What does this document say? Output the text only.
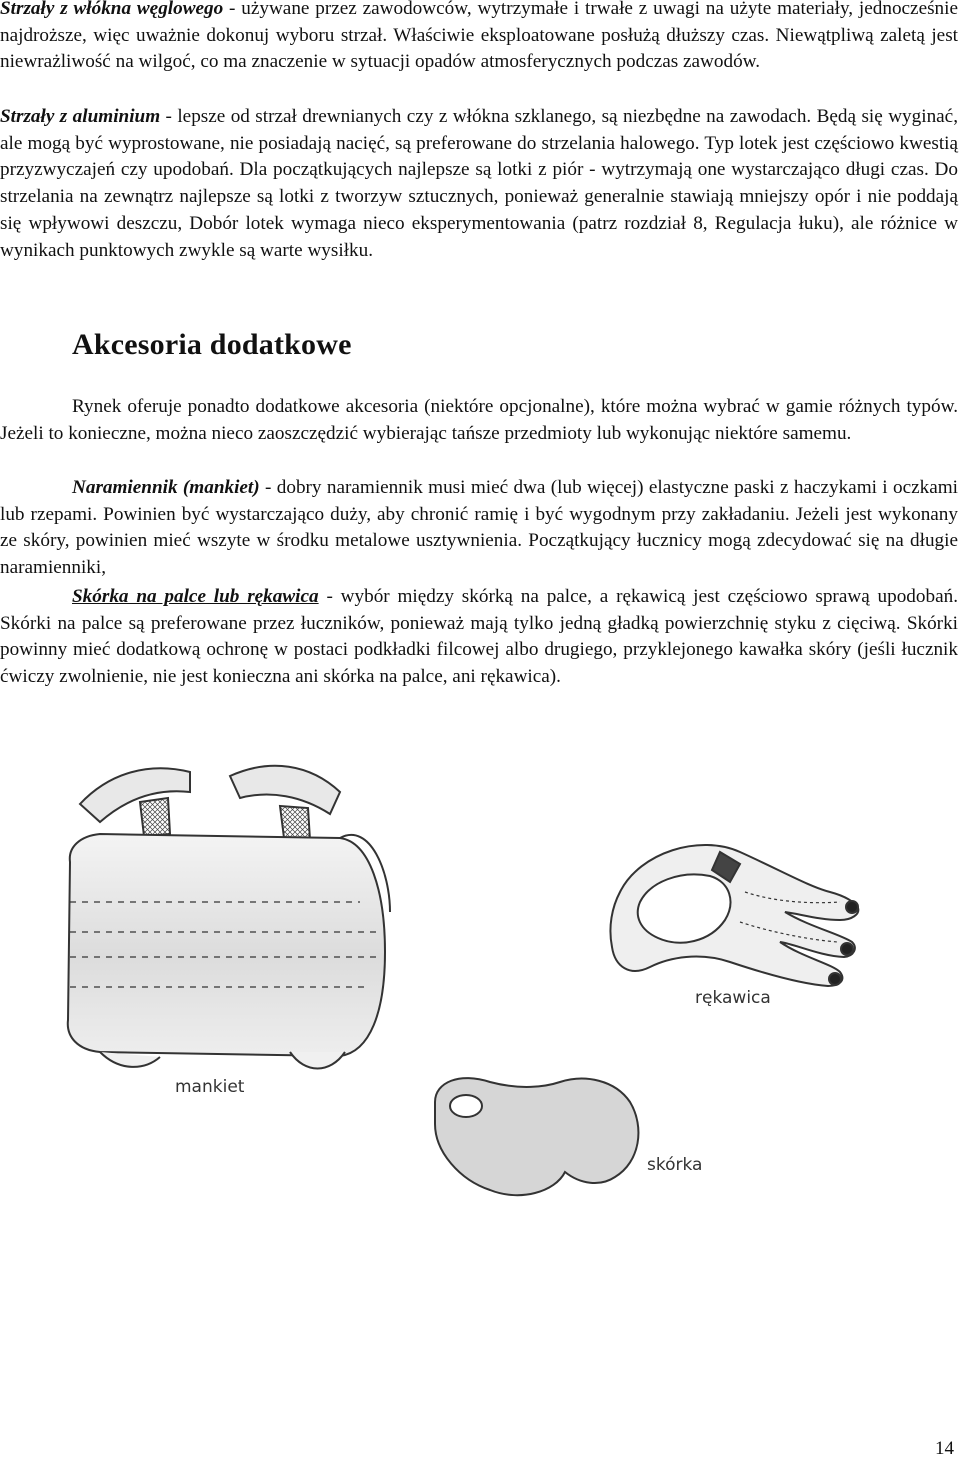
Strzały z włókna węglowego - używane przez zawodowców, wytrzymałe i trwałe z uwagi na użyte materiały, jednocześnie najdroższe, więc uważnie dokonuj wyboru strzał. Właściwie eksploatowane posłużą dłuższy czas. Niewątpliwą zaletą jest niewrażliwość na wilgoć, co ma znaczenie w sytuacji opadów atmosferycznych podczas zawodów.

Strzały z aluminium - lepsze od strzał drewnianych czy z włókna szklanego, są niezbędne na zawodach. Będą się wyginać, ale mogą być wyprostowane, nie posiadają nacięć, są preferowane do strzelania halowego. Typ lotek jest częściowo kwestią przyzwyczajeń czy upodobań. Dla początkujących najlepsze są lotki z piór - wytrzymają one wystarczająco długi czas. Do strzelania na zewnątrz najlepsze są lotki z tworzyw sztucznych, ponieważ generalnie stawiają mniejszy opór i nie poddają się wpływowi deszczu, Dobór lotek wymaga nieco eksperymentowania (patrz rozdział 8, Regulacja łuku), ale różnice w wynikach punktowych zwykle są warte wysiłku.

Akcesoria dodatkowe

Rynek oferuje ponadto dodatkowe akcesoria (niektóre opcjonalne), które można wybrać w gamie różnych typów. Jeżeli to konieczne, można nieco zaoszczędzić wybierając tańsze przedmioty lub wykonując niektóre samemu.

Naramiennik (mankiet) - dobry naramiennik musi mieć dwa (lub więcej) elastyczne paski z haczykami i oczkami lub rzepami. Powinien być wystarczająco duży, aby chronić ramię i być wygodnym przy zakładaniu. Jeżeli jest wykonany ze skóry, powinien mieć wszyte w środku metalowe usztywnienia. Początkujący łucznicy mogą zdecydować się na długie naramienniki,

Skórka na palce lub rękawica - wybór między skórką na palce, a rękawicą jest częściowo sprawą upodobań. Skórki na palce są preferowane przez łuczników, ponieważ mają tylko jedną gładką powierzchnię styku z cięciwą. Skórki powinny mieć dodatkową ochronę w postaci podkładki filcowej albo drugiego, przyklejonego kawałka skóry (jeśli łucznik ćwiczy zwolnienie, nie jest konieczna ani skórka na palce, ani rękawica).

mankiet
rękawica
skórka
14
